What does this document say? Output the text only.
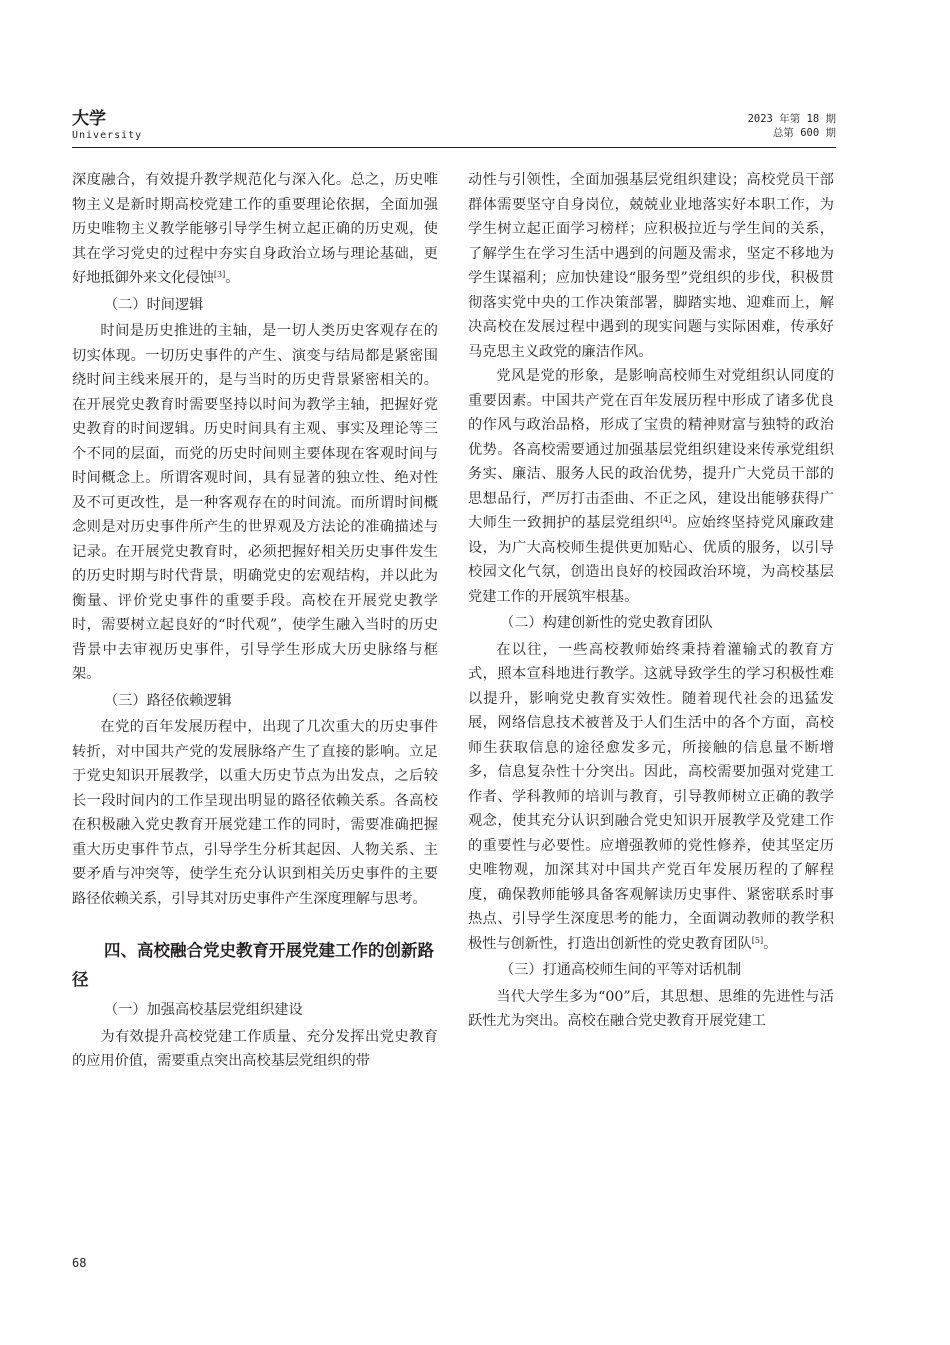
大学
University
2023 年第 18 期
总第 600 期

深度融合，有效提升教学规范化与深入化。总之，历史唯物主义是新时期高校党建工作的重要理论依据，全面加强历史唯物主义教学能够引导学生树立起正确的历史观，使其在学习党史的过程中夯实自身政治立场与理论基础，更好地抵御外来文化侵蚀[3]。

（二）时间逻辑

时间是历史推进的主轴，是一切人类历史客观存在的切实体现。一切历史事件的产生、演变与结局都是紧密围绕时间主线来展开的，是与当时的历史背景紧密相关的。在开展党史教育时需要坚持以时间为教学主轴，把握好党史教育的时间逻辑。历史时间具有主观、事实及理论等三个不同的层面，而党的历史时间则主要体现在客观时间与时间概念上。所谓客观时间，具有显著的独立性、绝对性及不可更改性，是一种客观存在的时间流。而所谓时间概念则是对历史事件所产生的世界观及方法论的准确描述与记录。在开展党史教育时，必须把握好相关历史事件发生的历史时期与时代背景，明确党史的宏观结构，并以此为衡量、评价党史事件的重要手段。高校在开展党史教学时，需要树立起良好的“时代观”，使学生融入当时的历史背景中去审视历史事件，引导学生形成大历史脉络与框架。

（三）路径依赖逻辑

在党的百年发展历程中，出现了几次重大的历史事件转折，对中国共产党的发展脉络产生了直接的影响。立足于党史知识开展教学，以重大历史节点为出发点，之后较长一段时间内的工作呈现出明显的路径依赖关系。各高校在积极融入党史教育开展党建工作的同时，需要准确把握重大历史事件节点，引导学生分析其起因、人物关系、主要矛盾与冲突等，使学生充分认识到相关历史事件的主要路径依赖关系，引导其对历史事件产生深度理解与思考。

四、高校融合党史教育开展党建工作的创新路径
（一）加强高校基层党组织建设

为有效提升高校党建工作质量、充分发挥出党史教育的应用价值，需要重点突出高校基层党组织的带

动性与引领性，全面加强基层党组织建设；高校党员干部群体需要坚守自身岗位，兢兢业业地落实好本职工作，为学生树立起正面学习榜样；应积极拉近与学生间的关系，了解学生在学习生活中遇到的问题及需求，坚定不移地为学生谋福利；应加快建设“服务型”党组织的步伐，积极贯彻落实党中央的工作决策部署，脚踏实地、迎难而上，解决高校在发展过程中遇到的现实问题与实际困难，传承好马克思主义政党的廉洁作风。

党风是党的形象，是影响高校师生对党组织认同度的重要因素。中国共产党在百年发展历程中形成了诸多优良的作风与政治品格，形成了宝贵的精神财富与独特的政治优势。各高校需要通过加强基层党组织建设来传承党组织务实、廉洁、服务人民的政治优势，提升广大党员干部的思想品行，严厉打击歪曲、不正之风，建设出能够获得广大师生一致拥护的基层党组织[4]。应始终坚持党风廉政建设，为广大高校师生提供更加贴心、优质的服务，以引导校园文化气氛，创造出良好的校园政治环境，为高校基层党建工作的开展筑牢根基。

（二）构建创新性的党史教育团队

在以往，一些高校教师始终秉持着灌输式的教育方式，照本宣科地进行教学。这就导致学生的学习积极性难以提升，影响党史教育实效性。随着现代社会的迅猛发展，网络信息技术被普及于人们生活中的各个方面，高校师生获取信息的途径愈发多元，所接触的信息量不断增多，信息复杂性十分突出。因此，高校需要加强对党建工作者、学科教师的培训与教育，引导教师树立正确的教学观念，使其充分认识到融合党史知识开展教学及党建工作的重要性与必要性。应增强教师的党性修养，使其坚定历史唯物观，加深其对中国共产党百年发展历程的了解程度，确保教师能够具备客观解读历史事件、紧密联系时事热点、引导学生深度思考的能力，全面调动教师的教学积极性与创新性，打造出创新性的党史教育团队[5]。

（三）打通高校师生间的平等对话机制

当代大学生多为“00”后，其思想、思维的先进性与活跃性尤为突出。高校在融合党史教育开展党建工

68
